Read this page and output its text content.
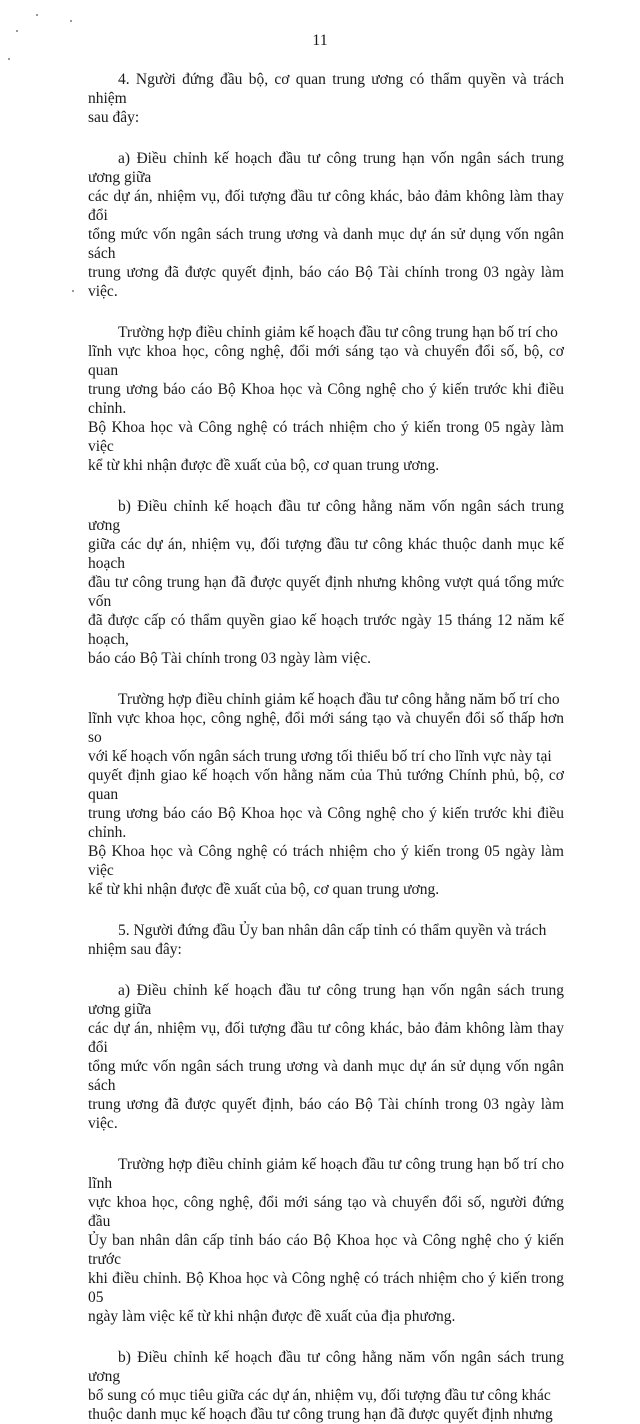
11

4. Người đứng đầu bộ, cơ quan trung ương có thẩm quyền và trách nhiệm
sau đây:

a) Điều chỉnh kế hoạch đầu tư công trung hạn vốn ngân sách trung ương giữa
các dự án, nhiệm vụ, đối tượng đầu tư công khác, bảo đảm không làm thay đổi
tổng mức vốn ngân sách trung ương và danh mục dự án sử dụng vốn ngân sách
trung ương đã được quyết định, báo cáo Bộ Tài chính trong 03 ngày làm việc.

Trường hợp điều chỉnh giảm kế hoạch đầu tư công trung hạn bố trí cho
lĩnh vực khoa học, công nghệ, đổi mới sáng tạo và chuyển đổi số, bộ, cơ quan
trung ương báo cáo Bộ Khoa học và Công nghệ cho ý kiến trước khi điều chỉnh.
Bộ Khoa học và Công nghệ có trách nhiệm cho ý kiến trong 05 ngày làm việc
kể từ khi nhận được đề xuất của bộ, cơ quan trung ương.

b) Điều chỉnh kế hoạch đầu tư công hằng năm vốn ngân sách trung ương
giữa các dự án, nhiệm vụ, đối tượng đầu tư công khác thuộc danh mục kế hoạch
đầu tư công trung hạn đã được quyết định nhưng không vượt quá tổng mức vốn
đã được cấp có thẩm quyền giao kế hoạch trước ngày 15 tháng 12 năm kế hoạch,
báo cáo Bộ Tài chính trong 03 ngày làm việc.

Trường hợp điều chỉnh giảm kế hoạch đầu tư công hằng năm bố trí cho
lĩnh vực khoa học, công nghệ, đổi mới sáng tạo và chuyển đổi số thấp hơn so
với kế hoạch vốn ngân sách trung ương tối thiểu bố trí cho lĩnh vực này tại
quyết định giao kế hoạch vốn hằng năm của Thủ tướng Chính phủ, bộ, cơ quan
trung ương báo cáo Bộ Khoa học và Công nghệ cho ý kiến trước khi điều chỉnh.
Bộ Khoa học và Công nghệ có trách nhiệm cho ý kiến trong 05 ngày làm việc
kể từ khi nhận được đề xuất của bộ, cơ quan trung ương.

5. Người đứng đầu Ủy ban nhân dân cấp tỉnh có thẩm quyền và trách
nhiệm sau đây:

a) Điều chỉnh kế hoạch đầu tư công trung hạn vốn ngân sách trung ương giữa
các dự án, nhiệm vụ, đối tượng đầu tư công khác, bảo đảm không làm thay đổi
tổng mức vốn ngân sách trung ương và danh mục dự án sử dụng vốn ngân sách
trung ương đã được quyết định, báo cáo Bộ Tài chính trong 03 ngày làm việc.

Trường hợp điều chỉnh giảm kế hoạch đầu tư công trung hạn bố trí cho lĩnh
vực khoa học, công nghệ, đổi mới sáng tạo và chuyển đổi số, người đứng đầu
Ủy ban nhân dân cấp tỉnh báo cáo Bộ Khoa học và Công nghệ cho ý kiến trước
khi điều chỉnh. Bộ Khoa học và Công nghệ có trách nhiệm cho ý kiến trong 05
ngày làm việc kể từ khi nhận được đề xuất của địa phương.

b) Điều chỉnh kế hoạch đầu tư công hằng năm vốn ngân sách trung ương
bổ sung có mục tiêu giữa các dự án, nhiệm vụ, đối tượng đầu tư công khác
thuộc danh mục kế hoạch đầu tư công trung hạn đã được quyết định nhưng
